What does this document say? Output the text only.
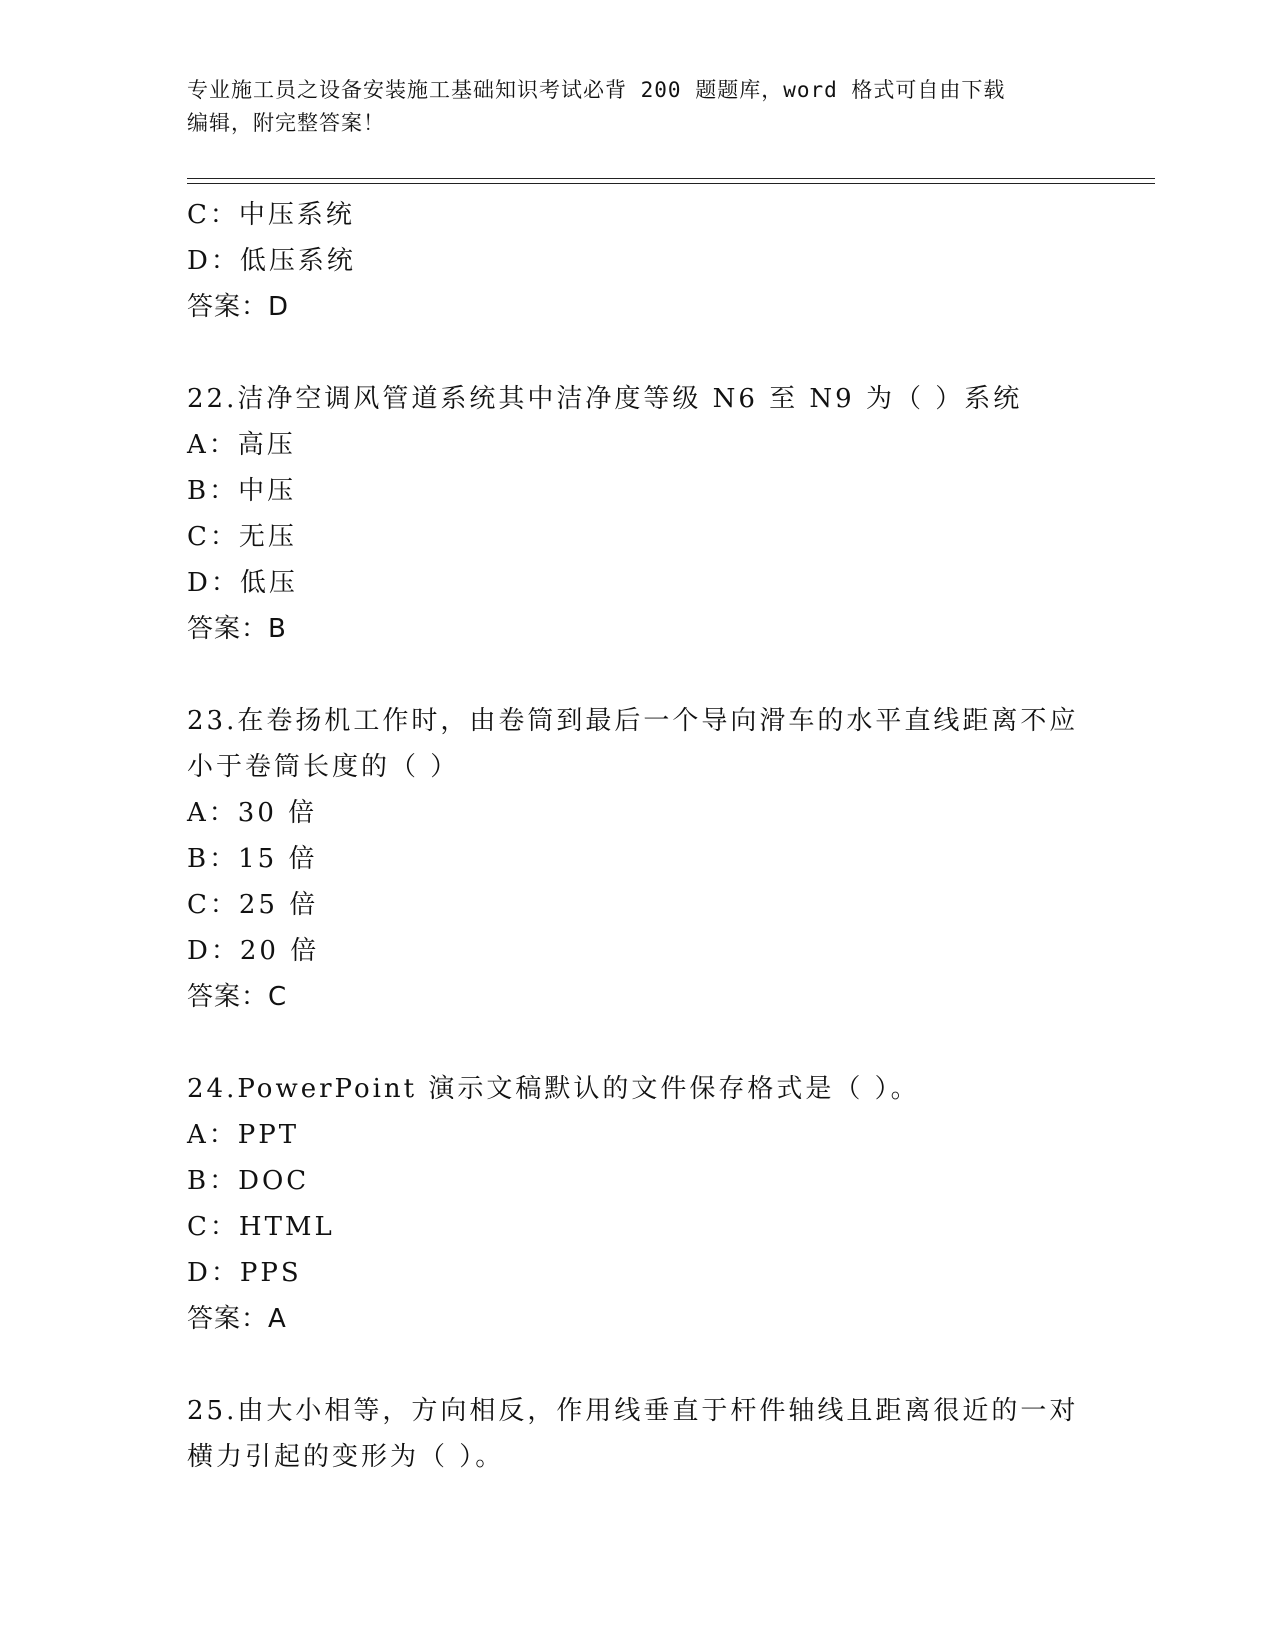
专业施工员之设备安装施工基础知识考试必背 200 题题库，word 格式可自由下载
编辑，附完整答案！
C：中压系统
D：低压系统
答案：D
22.洁净空调风管道系统其中洁净度等级 N6 至 N9 为（ ）系统
A：高压
B：中压
C：无压
D：低压
答案：B
23.在卷扬机工作时，由卷筒到最后一个导向滑车的水平直线距离不应
小于卷筒长度的（ ）
A：30 倍
B：15 倍
C：25 倍
D：20 倍
答案：C
24.PowerPoint 演示文稿默认的文件保存格式是（ ）。
A：PPT
B：DOC
C：HTML
D：PPS
答案：A
25.由大小相等，方向相反，作用线垂直于杆件轴线且距离很近的一对
横力引起的变形为（ ）。
